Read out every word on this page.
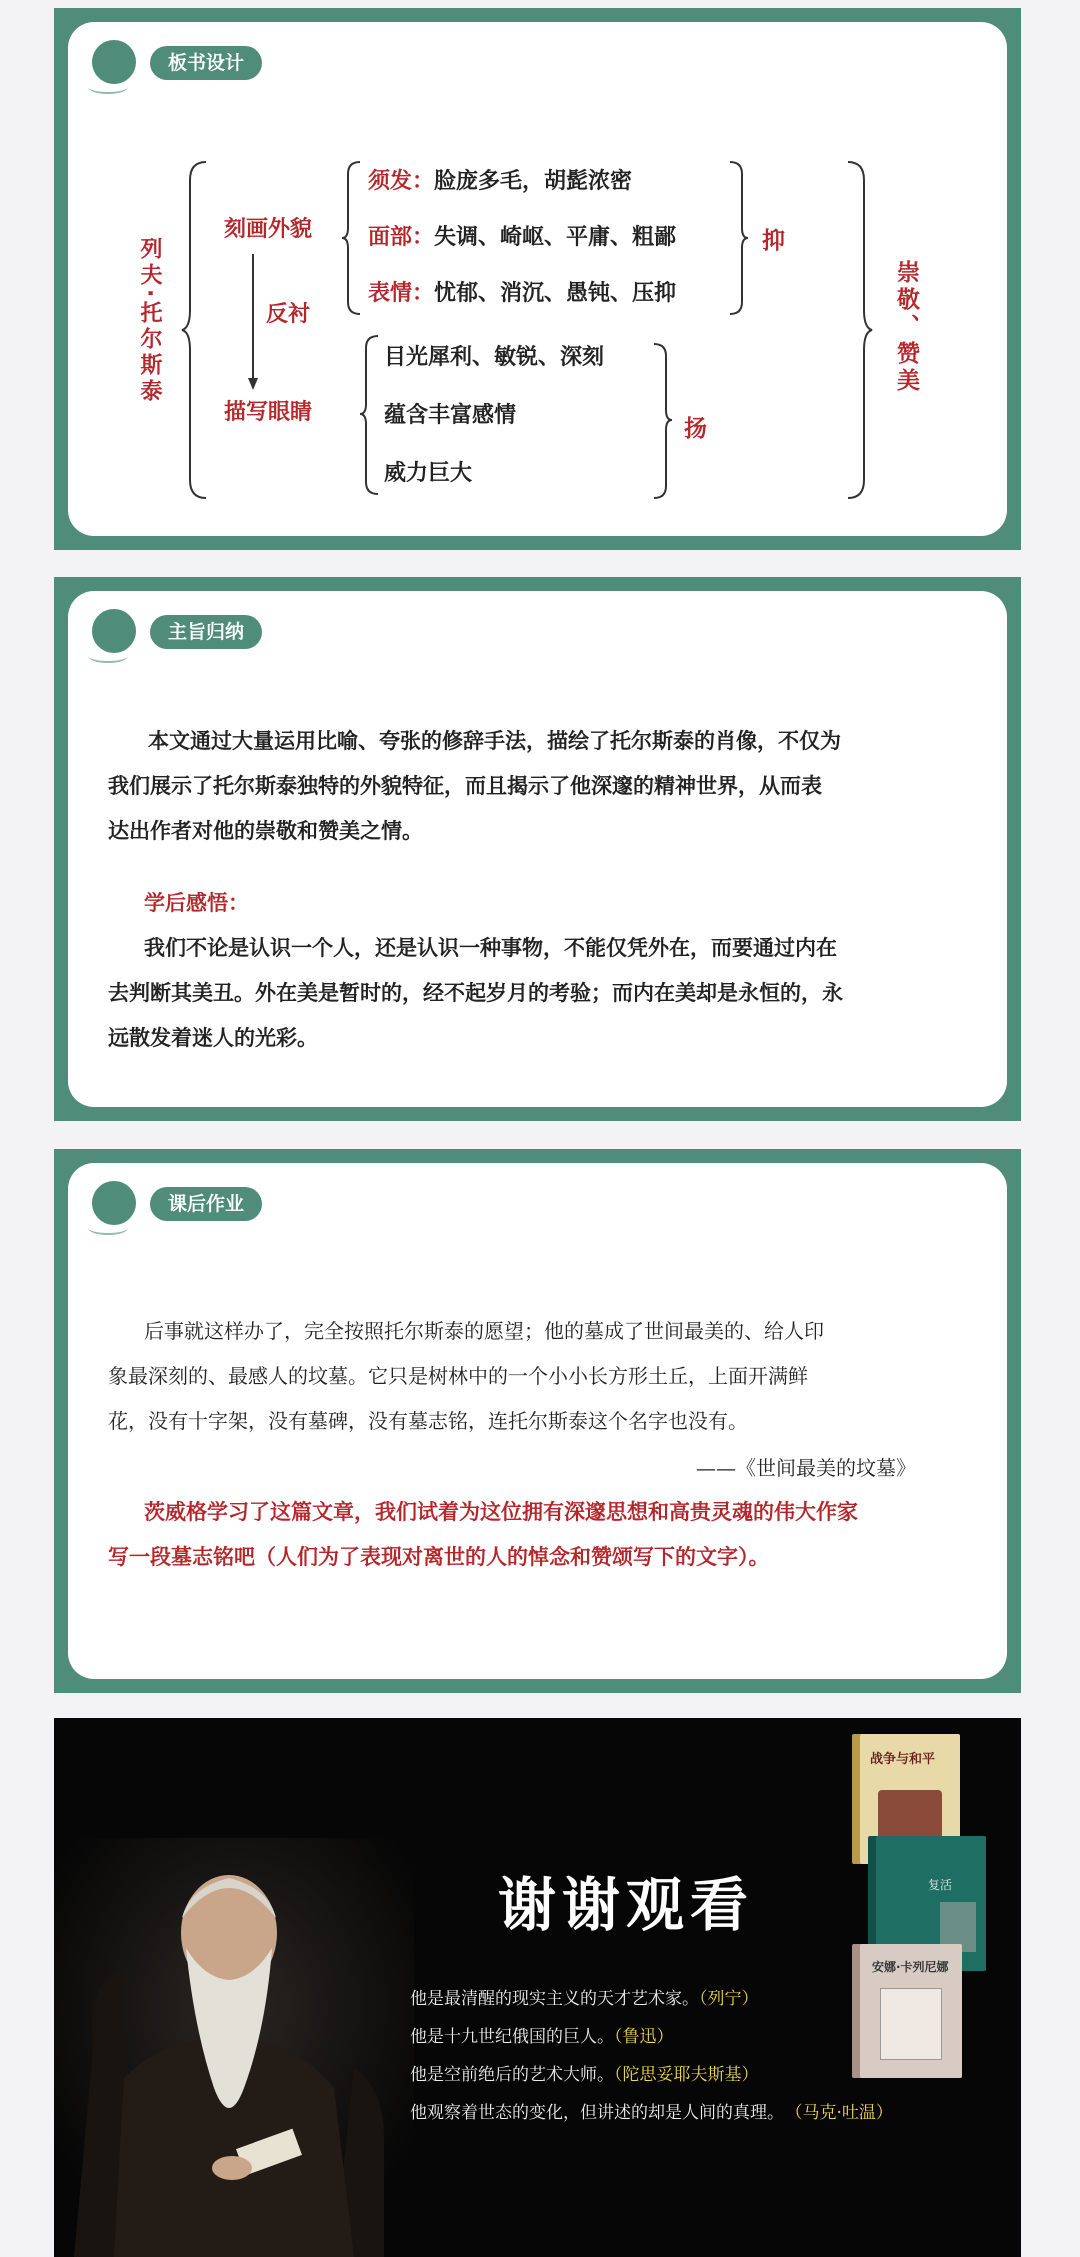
板书设计
列夫·托尔斯泰
刻画外貌
反衬
描写眼睛
须发：脸庞多毛，胡髭浓密
面部：失调、崎岖、平庸、粗鄙
表情：忧郁、消沉、愚钝、压抑
抑
目光犀利、敏锐、深刻
蕴含丰富感情
威力巨大
扬
崇敬、赞美
主旨归纳
本文通过大量运用比喻、夸张的修辞手法，描绘了托尔斯泰的肖像，不仅为
我们展示了托尔斯泰独特的外貌特征，而且揭示了他深邃的精神世界，从而表
达出作者对他的崇敬和赞美之情。
学后感悟：
我们不论是认识一个人，还是认识一种事物，不能仅凭外在，而要通过内在
去判断其美丑。外在美是暂时的，经不起岁月的考验；而内在美却是永恒的，永
远散发着迷人的光彩。
课后作业
后事就这样办了，完全按照托尔斯泰的愿望；他的墓成了世间最美的、给人印
象最深刻的、最感人的坟墓。它只是树林中的一个小小长方形土丘，上面开满鲜
花，没有十字架，没有墓碑，没有墓志铭，连托尔斯泰这个名字也没有。
——《世间最美的坟墓》
茨威格学习了这篇文章，我们试着为这位拥有深邃思想和高贵灵魂的伟大作家
写一段墓志铭吧（人们为了表现对离世的人的悼念和赞颂写下的文字）。
谢谢观看
战争与和平
复活
安娜·卡列尼娜
他是最清醒的现实主义的天才艺术家。（列宁）
他是十九世纪俄国的巨人。（鲁迅）
他是空前绝后的艺术大师。（陀思妥耶夫斯基）
他观察着世态的变化，但讲述的却是人间的真理。 （马克·吐温）
